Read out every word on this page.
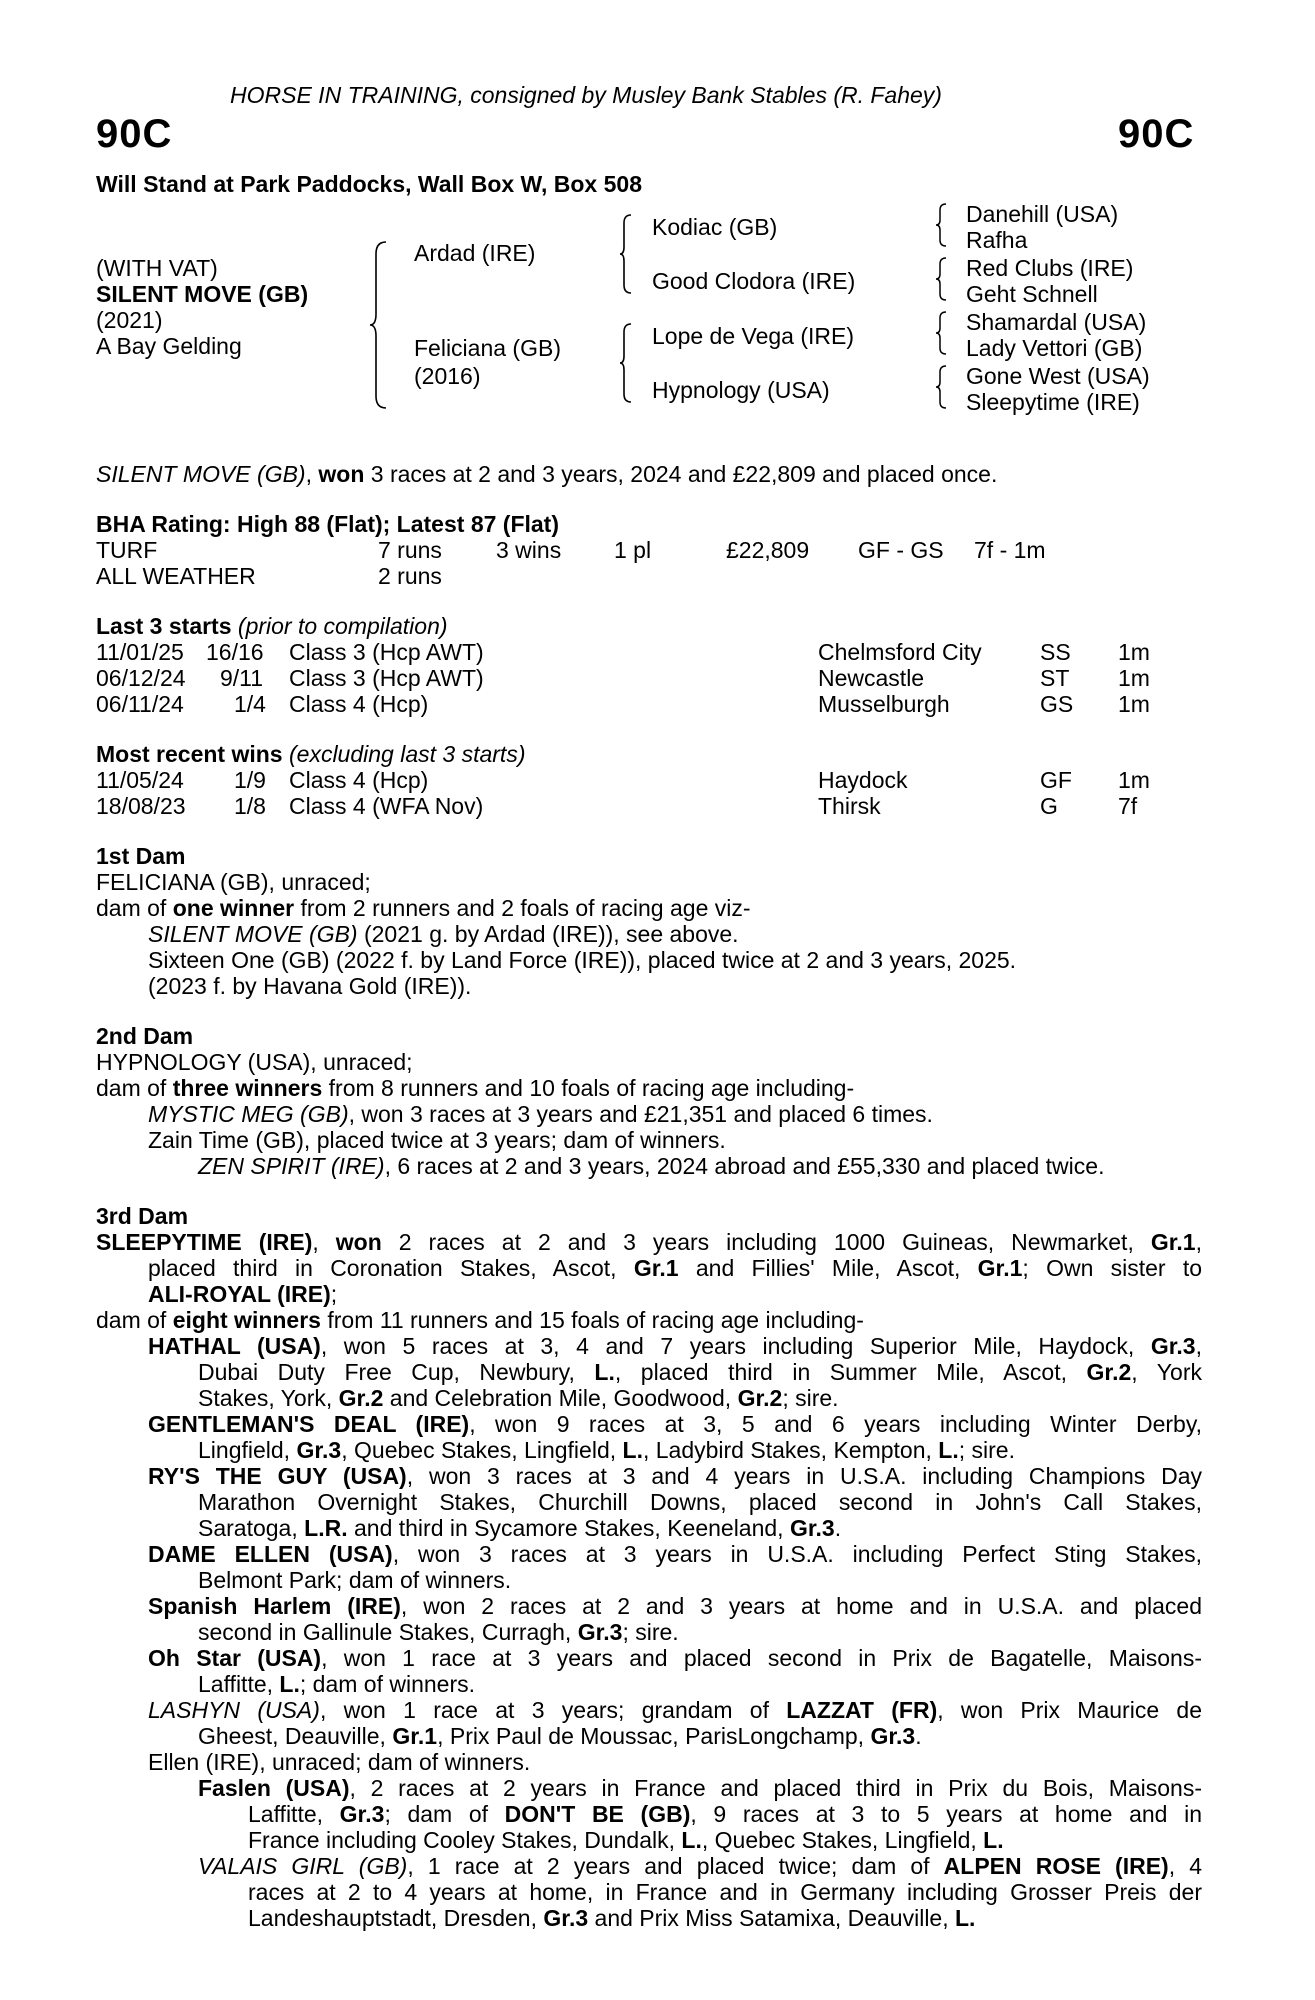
HORSE IN TRAINING, consigned by Musley Bank Stables (R. Fahey)
90C	90C
Will Stand at Park Paddocks, Wall Box W, Box 508
(WITH VAT)
SILENT MOVE (GB)
(2021)
A Bay Gelding
Ardad (IRE)
Feliciana (GB)
(2016)
Kodiac (GB)
Good Clodora (IRE)
Lope de Vega (IRE)
Hypnology (USA)
Danehill (USA)
Rafha
Red Clubs (IRE)
Geht Schnell
Shamardal (USA)
Lady Vettori (GB)
Gone West (USA)
Sleepytime (IRE)
SILENT MOVE (GB), won 3 races at 2 and 3 years, 2024 and £22,809 and placed once.
BHA Rating: High 88 (Flat); Latest 87 (Flat)
TURF	7 runs 3 wins 1 pl	£22,809 GF - GS 7f - 1m
ALL WEATHER	2 runs
Last 3 starts (prior to compilation)
11/01/25 16/16 Class 3 (Hcp AWT)	Chelmsford City	SS 1m
06/12/24 9/11 Class 3 (Hcp AWT)	Newcastle	ST 1m
06/11/24 1/4 Class 4 (Hcp)	Musselburgh	GS 1m
Most recent wins (excluding last 3 starts)
11/05/24 1/9 Class 4 (Hcp)	Haydock	GF 1m
18/08/23 1/8 Class 4 (WFA Nov)	Thirsk	G	7f
1st Dam
FELICIANA (GB), unraced;
dam of one winner from 2 runners and 2 foals of racing age viz-
SILENT MOVE (GB) (2021 g. by Ardad (IRE)), see above.
Sixteen One (GB) (2022 f. by Land Force (IRE)), placed twice at 2 and 3 years, 2025.
(2023 f. by Havana Gold (IRE)).
2nd Dam
HYPNOLOGY (USA), unraced;
dam of three winners from 8 runners and 10 foals of racing age including-
MYSTIC MEG (GB), won 3 races at 3 years and £21,351 and placed 6 times.
Zain Time (GB), placed twice at 3 years; dam of winners.
ZEN SPIRIT (IRE), 6 races at 2 and 3 years, 2024 abroad and £55,330 and placed twice.
3rd Dam
SLEEPYTIME (IRE), won 2 races at 2 and 3 years including 1000 Guineas, Newmarket, Gr.1,
placed third in Coronation Stakes, Ascot, Gr.1 and Fillies' Mile, Ascot, Gr.1; Own sister to
ALI-ROYAL (IRE);
dam of eight winners from 11 runners and 15 foals of racing age including-
HATHAL (USA), won 5 races at 3, 4 and 7 years including Superior Mile, Haydock, Gr.3,
Dubai Duty Free Cup, Newbury, L., placed third in Summer Mile, Ascot, Gr.2, York
Stakes, York, Gr.2 and Celebration Mile, Goodwood, Gr.2; sire.
GENTLEMAN'S DEAL (IRE), won 9 races at 3, 5 and 6 years including Winter Derby,
Lingfield, Gr.3, Quebec Stakes, Lingfield, L., Ladybird Stakes, Kempton, L.; sire.
RY'S THE GUY (USA), won 3 races at 3 and 4 years in U.S.A. including Champions Day
Marathon Overnight Stakes, Churchill Downs, placed second in John's Call Stakes,
Saratoga, L.R. and third in Sycamore Stakes, Keeneland, Gr.3.
DAME ELLEN (USA), won 3 races at 3 years in U.S.A. including Perfect Sting Stakes,
Belmont Park; dam of winners.
Spanish Harlem (IRE), won 2 races at 2 and 3 years at home and in U.S.A. and placed
second in Gallinule Stakes, Curragh, Gr.3; sire.
Oh Star (USA), won 1 race at 3 years and placed second in Prix de Bagatelle, Maisons-
Laffitte, L.; dam of winners.
LASHYN (USA), won 1 race at 3 years; grandam of LAZZAT (FR), won Prix Maurice de
Gheest, Deauville, Gr.1, Prix Paul de Moussac, ParisLongchamp, Gr.3.
Ellen (IRE), unraced; dam of winners.
Faslen (USA), 2 races at 2 years in France and placed third in Prix du Bois, Maisons-
Laffitte, Gr.3; dam of DON'T BE (GB), 9 races at 3 to 5 years at home and in
France including Cooley Stakes, Dundalk, L., Quebec Stakes, Lingfield, L.
VALAIS GIRL (GB), 1 race at 2 years and placed twice; dam of ALPEN ROSE (IRE), 4
races at 2 to 4 years at home, in France and in Germany including Grosser Preis der
Landeshauptstadt, Dresden, Gr.3 and Prix Miss Satamixa, Deauville, L.
